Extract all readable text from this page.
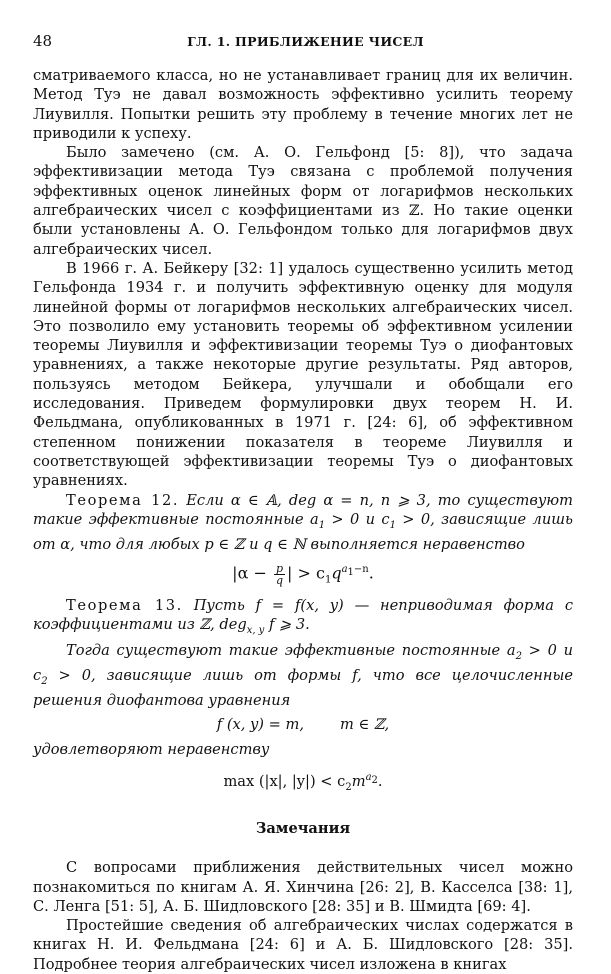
48	ГЛ. 1. ПРИБЛИЖЕНИЕ ЧИСЕЛ

сматриваемого класса, но не устанавливает границ для их величин. Метод Туэ не давал возможность эффективно усилить теорему Лиувилля. Попытки решить эту проблему в течение многих лет не приводили к успеху.

Было замечено (см. А. О. Гельфонд [5: 8]), что задача эффективизации метода Туэ связана с проблемой получения эффективных оценок линейных форм от логарифмов нескольких алгебраических чисел с коэффициентами из ℤ. Но такие оценки были установлены А. О. Гельфондом только для логарифмов двух алгебраических чисел.

В 1966 г. А. Бейкеру [32: 1] удалось существенно усилить метод Гельфонда 1934 г. и получить эффективную оценку для модуля линейной формы от логарифмов нескольких алгебраических чисел. Это позволило ему установить теоремы об эффективном усилении теоремы Лиувилля и эффективизации теоремы Туэ о диофантовых уравнениях, а также некоторые другие результаты. Ряд авторов, пользуясь методом Бейкера, улучшали и обобщали его исследования. Приведем формулировки двух теорем Н. И. Фельдмана, опубликованных в 1971 г. [24: 6], об эффективном степенном понижении показателя в теореме Лиувилля и соответствующей эффективизации теоремы Туэ о диофантовых уравнениях.

Теорема 12. Если α ∈ 𝔸, deg α = n, n ⩾ 3, то существуют такие эффективные постоянные $a_1 > 0$ и $c_1 > 0$, зависящие лишь от α, что для любых p ∈ ℤ и q ∈ ℕ выполняется неравенство

$|\alpha - \frac{p}{q}$ | > $c_1q^{a_1-n}$.

Теорема 13. Пусть f = f(x, y) — неприводимая форма с коэффициентами из ℤ, deg$_{x, y}$ f ⩾ 3.

Тогда существуют такие эффективные постоянные $a_2 > 0$ и $c_2 > 0$, зависящие лишь от формы f, что все целочисленные решения диофантова уравнения

f (x, y) = m, m ∈ ℤ,

удовлетворяют неравенству

max (|x|, $|y|) < c_2m^{a_2}$.
Замечания

С вопросами приближения действительных чисел можно познакомиться по книгам А. Я. Хинчина [26: 2], В. Касселса [38: 1], С. Ленга [51: 5], А. Б. Шидловского [28: 35] и В. Шмидта [69: 4].

Простейшие сведения об алгебраических числах содержатся в книгах Н. И. Фельдмана [24: 6] и А. Б. Шидловского [28: 35]. Подробнее теория алгебраических чисел изложена в книгах
